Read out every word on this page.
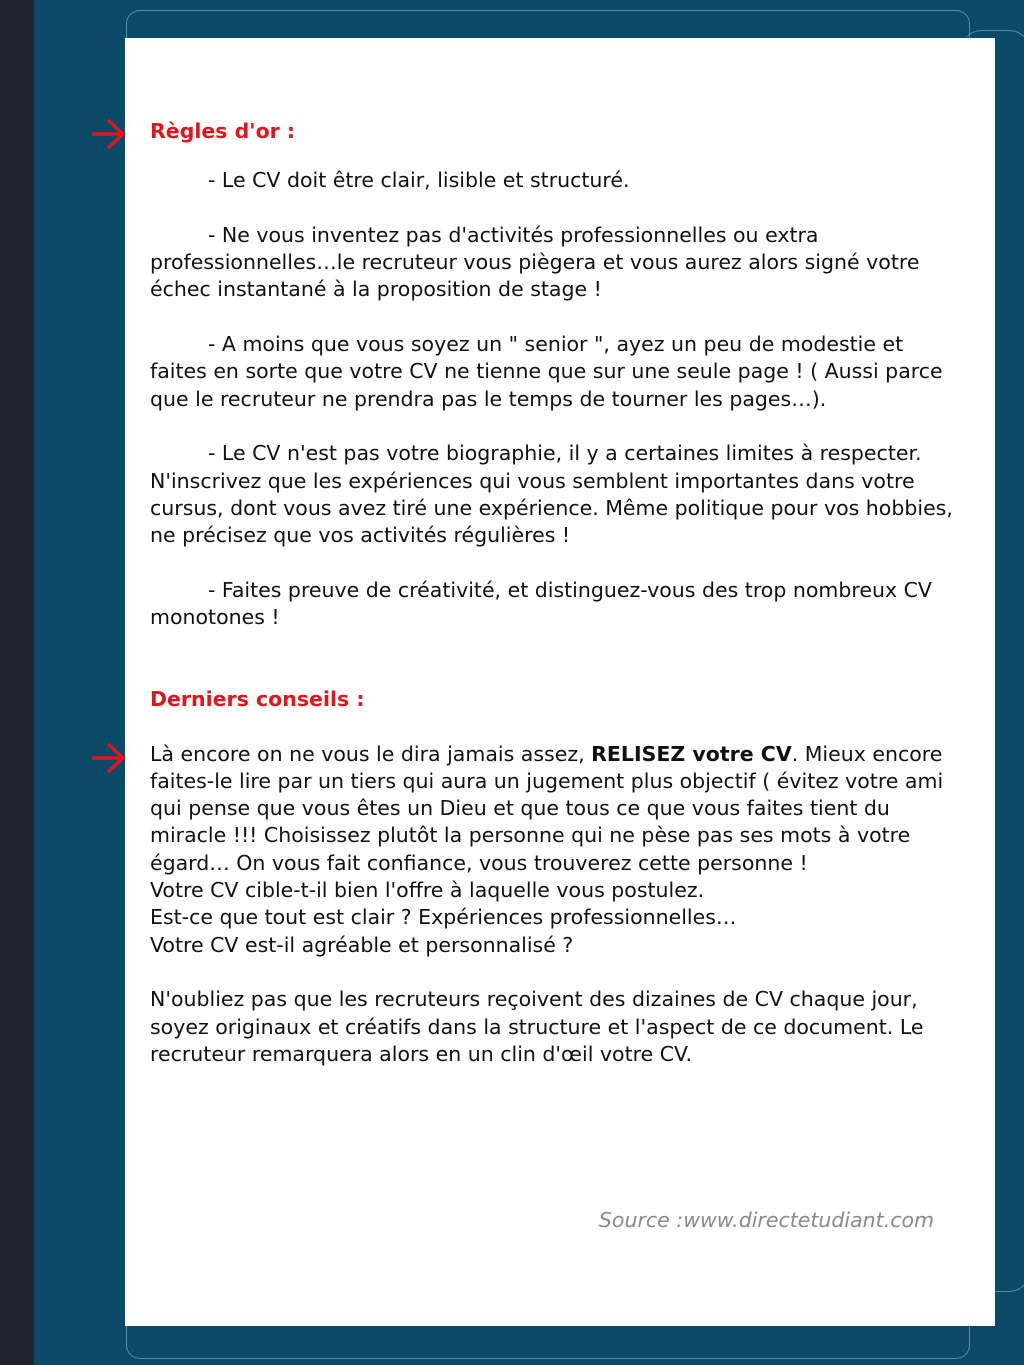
Règles d'or :

- Le CV doit être clair, lisible et structuré.

- Ne vous inventez pas d'activités professionnelles ou extra professionnelles…le recruteur vous piègera et vous aurez alors signé votre échec instantané à la proposition de stage !

- A moins que vous soyez un " senior ", ayez un peu de modestie et faites en sorte que votre CV ne tienne que sur une seule page ! ( Aussi parce que le recruteur ne prendra pas le temps de tourner les pages…).

- Le CV n'est pas votre biographie, il y a certaines limites à respecter. N'inscrivez que les expériences qui vous semblent importantes dans votre cursus, dont vous avez tiré une expérience. Même politique pour vos hobbies, ne précisez que vos activités régulières !

- Faites preuve de créativité, et distinguez-vous des trop nombreux CV monotones !

Derniers conseils :

Là encore on ne vous le dira jamais assez, RELISEZ votre CV. Mieux encore faites-le lire par un tiers qui aura un jugement plus objectif ( évitez votre ami qui pense que vous êtes un Dieu et que tous ce que vous faites tient du miracle !!! Choisissez plutôt la personne qui ne pèse pas ses mots à votre égard… On vous fait confiance, vous trouverez cette personne !

Votre CV cible-t-il bien l'offre à laquelle vous postulez.

Est-ce que tout est clair ? Expériences professionnelles…

Votre CV est-il agréable et personnalisé ?

N'oubliez pas que les recruteurs reçoivent des dizaines de CV chaque jour, soyez originaux et créatifs dans la structure et l'aspect de ce document. Le recruteur remarquera alors en un clin d'œil votre CV.

Source :www.directetudiant.com
